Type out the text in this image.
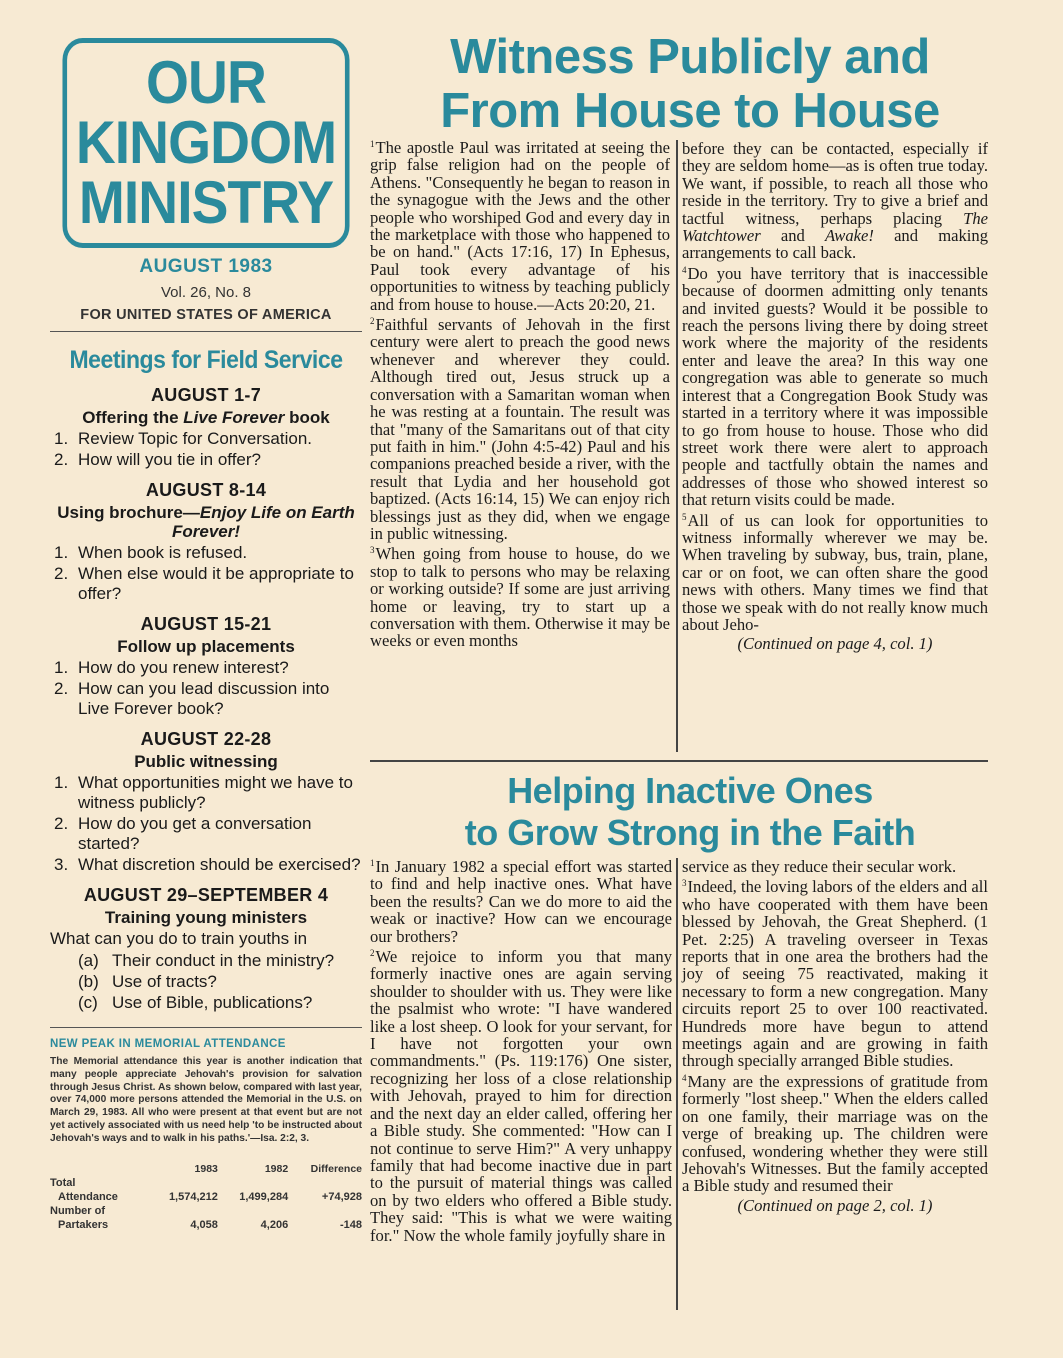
OUR
KINGDOM
MINISTRY
AUGUST 1983
Vol. 26, No. 8
FOR UNITED STATES OF AMERICA
Meetings for Field Service
AUGUST 1-7
Offering the Live Forever book
1. Review Topic for Conversation.
2. How will you tie in offer?
AUGUST 8-14
Using brochure—Enjoy Life on Earth Forever!
1. When book is refused.
2. When else would it be appropriate to offer?
AUGUST 15-21
Follow up placements
1. How do you renew interest?
2. How can you lead discussion into Live Forever book?
AUGUST 22-28
Public witnessing
1. What opportunities might we have to witness publicly?
2. How do you get a conversation started?
3. What discretion should be exercised?
AUGUST 29–SEPTEMBER 4
Training young ministers
What can you do to train youths in
(a) Their conduct in the ministry?
(b) Use of tracts?
(c) Use of Bible, publications?
NEW PEAK IN MEMORIAL ATTENDANCE
The Memorial attendance this year is another indication that many people appreciate Jehovah's provision for salvation through Jesus Christ. As shown below, compared with last year, over 74,000 more persons attended the Memorial in the U.S. on March 29, 1983. All who were present at that event but are not yet actively associated with us need help 'to be instructed about Jehovah's ways and to walk in his paths.'—Isa. 2:2, 3.
	1983	1982	Difference
Total			
Attendance	1,574,212	1,499,284	+74,928
Number of			
Partakers	4,058	4,206	-148
Witness Publicly and
From House to House

$^1$The apostle Paul was irritated at seeing the grip false religion had on the people of Athens. "Consequently he began to reason in the synagogue with the Jews and the other people who worshiped God and every day in the marketplace with those who happened to be on hand." (Acts 17:16, 17) In Ephesus, Paul took every advantage of his opportunities to witness by teaching publicly and from house to house.—Acts 20:20, 21.

$^2$Faithful servants of Jehovah in the first century were alert to preach the good news whenever and wherever they could. Although tired out, Jesus struck up a conversation with a Samaritan woman when he was resting at a fountain. The result was that "many of the Samaritans out of that city put faith in him." (John 4:5-42) Paul and his companions preached beside a river, with the result that Lydia and her household got baptized. (Acts 16:14, 15) We can enjoy rich blessings just as they did, when we engage in public witnessing.

$^3$When going from house to house, do we stop to talk to persons who may be relaxing or working outside? If some are just arriving home or leaving, try to start up a conversation with them. Otherwise it may be weeks or even months

before they can be contacted, especially if they are seldom home—as is often true today. We want, if possible, to reach all those who reside in the territory. Try to give a brief and tactful witness, perhaps placing The Watchtower and Awake! and making arrangements to call back.

$^4$Do you have territory that is inaccessible because of doormen admitting only tenants and invited guests? Would it be possible to reach the persons living there by doing street work where the majority of the residents enter and leave the area? In this way one congregation was able to generate so much interest that a Congregation Book Study was started in a territory where it was impossible to go from house to house. Those who did street work there were alert to approach people and tactfully obtain the names and addresses of those who showed interest so that return visits could be made.

$^5$All of us can look for opportunities to witness informally wherever we may be. When traveling by subway, bus, train, plane, car or on foot, we can often share the good news with others. Many times we find that those we speak with do not really know much about Jeho-

(Continued on page 4, col. 1)
Helping Inactive Ones
to Grow Strong in the Faith

$^1$In January 1982 a special effort was started to find and help inactive ones. What have been the results? Can we do more to aid the weak or inactive? How can we encourage our brothers?

$^2$We rejoice to inform you that many formerly inactive ones are again serving shoulder to shoulder with us. They were like the psalmist who wrote: "I have wandered like a lost sheep. O look for your servant, for I have not forgotten your own commandments." (Ps. 119:176) One sister, recognizing her loss of a close relationship with Jehovah, prayed to him for direction and the next day an elder called, offering her a Bible study. She commented: "How can I not continue to serve Him?" A very unhappy family that had become inactive due in part to the pursuit of material things was called on by two elders who offered a Bible study. They said: "This is what we were waiting for." Now the whole family joyfully share in

service as they reduce their secular work.

$^3$Indeed, the loving labors of the elders and all who have cooperated with them have been blessed by Jehovah, the Great Shepherd. (1 Pet. 2:25) A traveling overseer in Texas reports that in one area the brothers had the joy of seeing 75 reactivated, making it necessary to form a new congregation. Many circuits report 25 to over 100 reactivated. Hundreds more have begun to attend meetings again and are growing in faith through specially arranged Bible studies.

$^4$Many are the expressions of gratitude from formerly "lost sheep." When the elders called on one family, their marriage was on the verge of breaking up. The children were confused, wondering whether they were still Jehovah's Witnesses. But the family accepted a Bible study and resumed their

(Continued on page 2, col. 1)
